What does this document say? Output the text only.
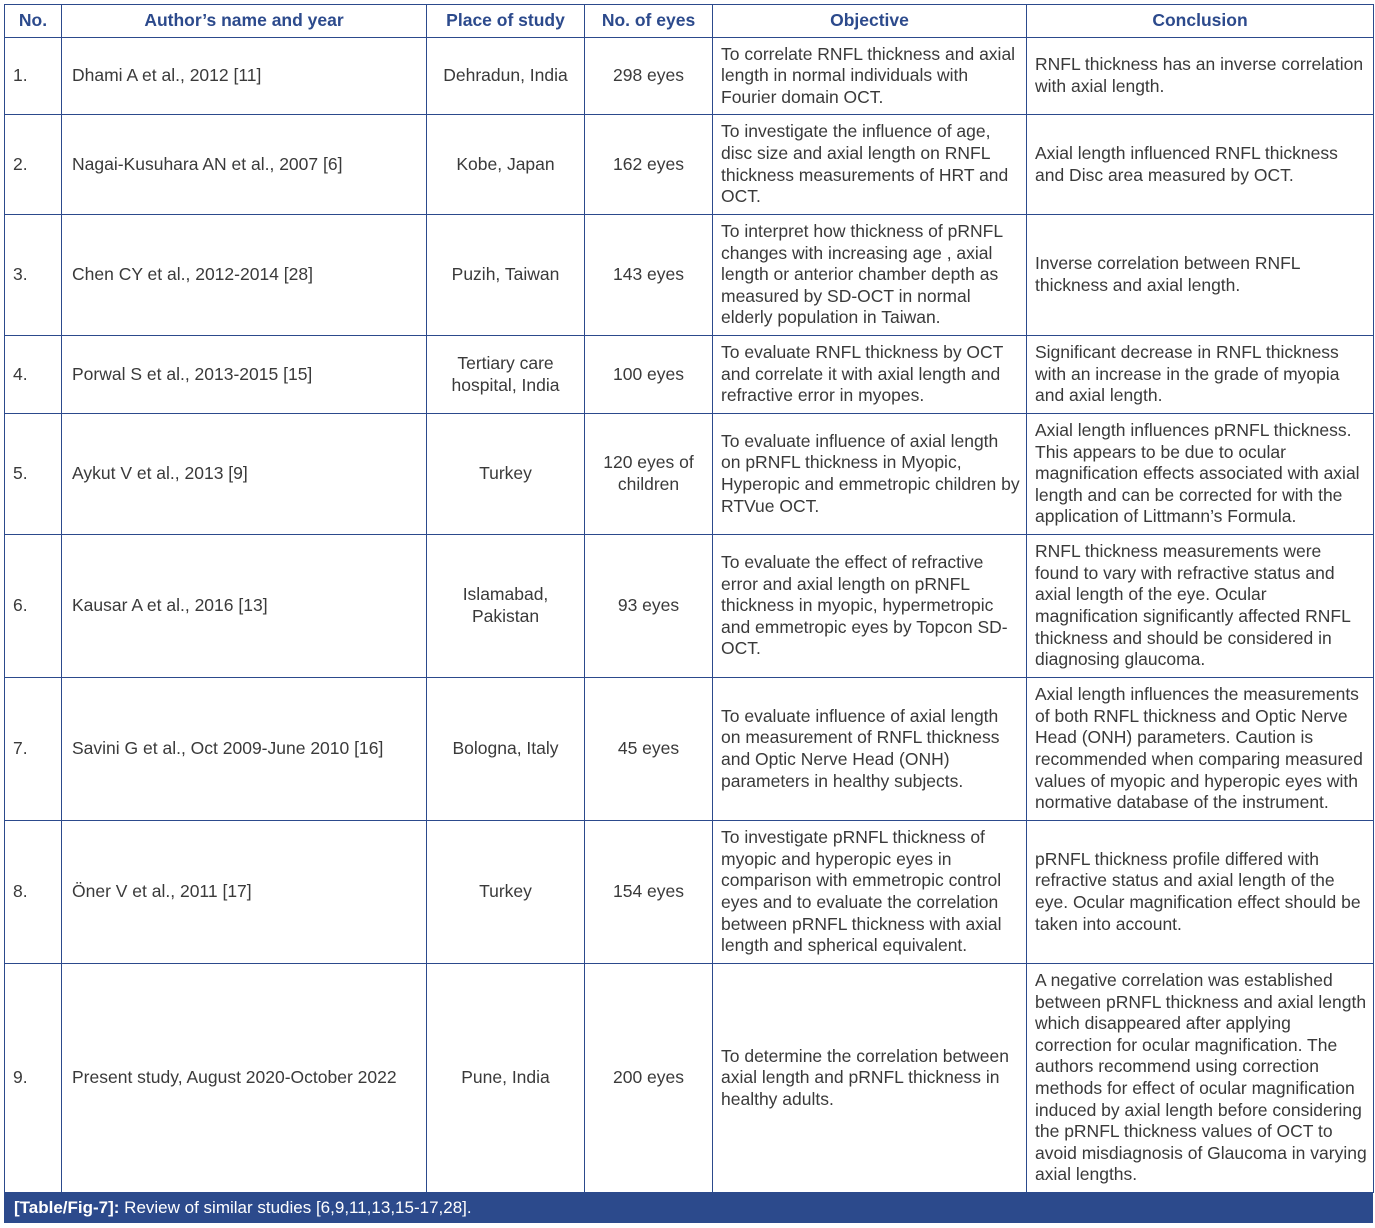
No.	Author’s name and year	Place of study	No. of eyes	Objective	Conclusion
1.	Dhami A et al., 2012 [11]	Dehradun, India	298 eyes	To correlate RNFL thickness and axial length in normal individuals with Fourier domain OCT.	RNFL thickness has an inverse correlation with axial length.
2.	Nagai-Kusuhara AN et al., 2007 [6]	Kobe, Japan	162 eyes	To investigate the influence of age, disc size and axial length on RNFL thickness measurements of HRT and OCT.	Axial length influenced RNFL thickness and Disc area measured by OCT.
3.	Chen CY et al., 2012-2014 [28]	Puzih, Taiwan	143 eyes	To interpret how thickness of pRNFL changes with increasing age , axial length or anterior chamber depth as measured by SD-OCT in normal elderly population in Taiwan.	Inverse correlation between RNFL thickness and axial length.
4.	Porwal S et al., 2013-2015 [15]	Tertiary care hospital, India	100 eyes	To evaluate RNFL thickness by OCT and correlate it with axial length and refractive error in myopes.	Significant decrease in RNFL thickness with an increase in the grade of myopia and axial length.
5.	Aykut V et al., 2013 [9]	Turkey	120 eyes of children	To evaluate influence of axial length on pRNFL thickness in Myopic, Hyperopic and emmetropic children by RTVue OCT.	Axial length influences pRNFL thickness. This appears to be due to ocular magnification effects associated with axial length and can be corrected for with the application of Littmann’s Formula.
6.	Kausar A et al., 2016 [13]	Islamabad, Pakistan	93 eyes	To evaluate the effect of refractive error and axial length on pRNFL thickness in myopic, hypermetropic and emmetropic eyes by Topcon SD-OCT.	RNFL thickness measurements were found to vary with refractive status and axial length of the eye. Ocular magnification significantly affected RNFL thickness and should be considered in diagnosing glaucoma.
7.	Savini G et al., Oct 2009-June 2010 [16]	Bologna, Italy	45 eyes	To evaluate influence of axial length on measurement of RNFL thickness and Optic Nerve Head (ONH) parameters in healthy subjects.	Axial length influences the measurements of both RNFL thickness and Optic Nerve Head (ONH) parameters. Caution is recommended when comparing measured values of myopic and hyperopic eyes with normative database of the instrument.
8.	Öner V et al., 2011 [17]	Turkey	154 eyes	To investigate pRNFL thickness of myopic and hyperopic eyes in comparison with emmetropic control eyes and to evaluate the correlation between pRNFL thickness with axial length and spherical equivalent.	pRNFL thickness profile differed with refractive status and axial length of the eye. Ocular magnification effect should be taken into account.
9.	Present study, August 2020-October 2022	Pune, India	200 eyes	To determine the correlation between axial length and pRNFL thickness in healthy adults.	A negative correlation was established between pRNFL thickness and axial length which disappeared after applying correction for ocular magnification. The authors recommend using correction methods for effect of ocular magnification induced by axial length before considering the pRNFL thickness values of OCT to avoid misdiagnosis of Glaucoma in varying axial lengths.
[Table/Fig-7]: Review of similar studies [6,9,11,13,15-17,28].
